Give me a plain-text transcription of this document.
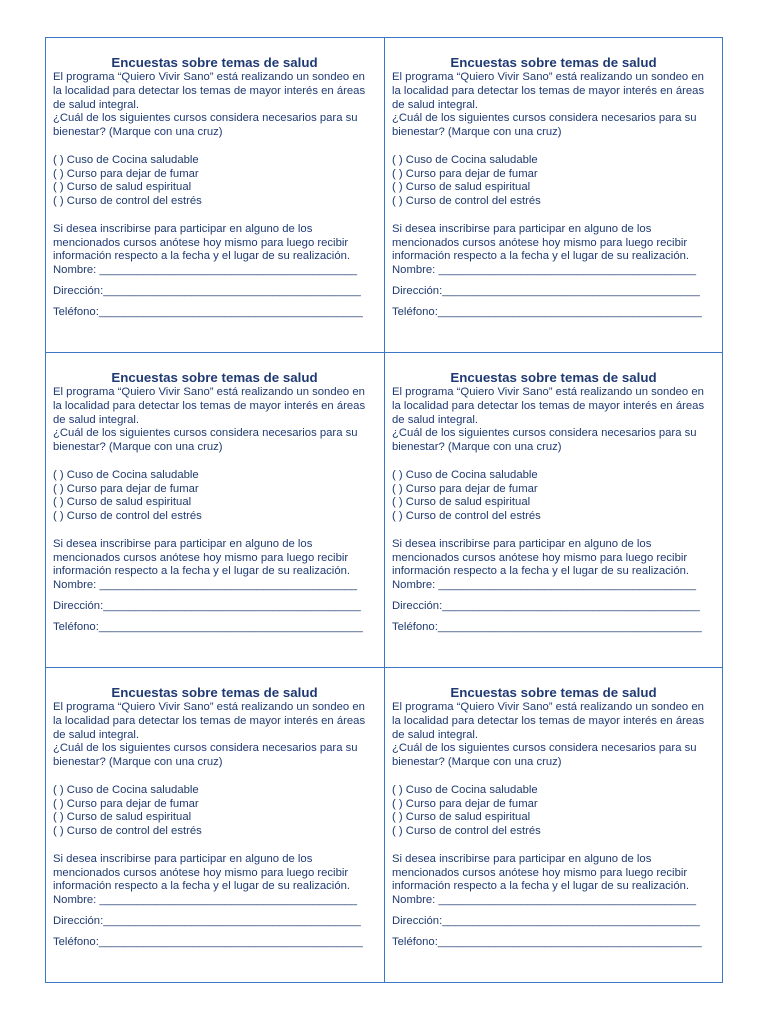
Encuestas sobre temas de salud

El programa “Quiero Vivir Sano” está realizando un sondeo en la localidad para detectar los temas de mayor interés en áreas de salud integral.

¿Cuál de los siguientes cursos considera necesarios para su bienestar? (Marque con una cruz)

( ) Cuso de Cocina saludable
( ) Curso para dejar de fumar
( ) Curso de salud espiritual
( ) Curso de control del estrés

Si desea inscribirse para participar en alguno de los mencionados cursos anótese hoy mismo para luego recibir información respecto a la fecha y el lugar de su realización.

Nombre: _________________________________________
Dirección:_________________________________________
Teléfono:__________________________________________
Encuestas sobre temas de salud

El programa “Quiero Vivir Sano” está realizando un sondeo en la localidad para detectar los temas de mayor interés en áreas de salud integral.

¿Cuál de los siguientes cursos considera necesarios para su bienestar? (Marque con una cruz)

( ) Cuso de Cocina saludable
( ) Curso para dejar de fumar
( ) Curso de salud espiritual
( ) Curso de control del estrés

Si desea inscribirse para participar en alguno de los mencionados cursos anótese hoy mismo para luego recibir información respecto a la fecha y el lugar de su realización.

Nombre: _________________________________________
Dirección:_________________________________________
Teléfono:__________________________________________
Encuestas sobre temas de salud

El programa “Quiero Vivir Sano” está realizando un sondeo en la localidad para detectar los temas de mayor interés en áreas de salud integral.

¿Cuál de los siguientes cursos considera necesarios para su bienestar? (Marque con una cruz)

( ) Cuso de Cocina saludable
( ) Curso para dejar de fumar
( ) Curso de salud espiritual
( ) Curso de control del estrés

Si desea inscribirse para participar en alguno de los mencionados cursos anótese hoy mismo para luego recibir información respecto a la fecha y el lugar de su realización.

Nombre: _________________________________________
Dirección:_________________________________________
Teléfono:__________________________________________
Encuestas sobre temas de salud

El programa “Quiero Vivir Sano” está realizando un sondeo en la localidad para detectar los temas de mayor interés en áreas de salud integral.

¿Cuál de los siguientes cursos considera necesarios para su bienestar? (Marque con una cruz)

( ) Cuso de Cocina saludable
( ) Curso para dejar de fumar
( ) Curso de salud espiritual
( ) Curso de control del estrés

Si desea inscribirse para participar en alguno de los mencionados cursos anótese hoy mismo para luego recibir información respecto a la fecha y el lugar de su realización.

Nombre: _________________________________________
Dirección:_________________________________________
Teléfono:__________________________________________
Encuestas sobre temas de salud

El programa “Quiero Vivir Sano” está realizando un sondeo en la localidad para detectar los temas de mayor interés en áreas de salud integral.

¿Cuál de los siguientes cursos considera necesarios para su bienestar? (Marque con una cruz)

( ) Cuso de Cocina saludable
( ) Curso para dejar de fumar
( ) Curso de salud espiritual
( ) Curso de control del estrés

Si desea inscribirse para participar en alguno de los mencionados cursos anótese hoy mismo para luego recibir información respecto a la fecha y el lugar de su realización.

Nombre: _________________________________________
Dirección:_________________________________________
Teléfono:__________________________________________
Encuestas sobre temas de salud

El programa “Quiero Vivir Sano” está realizando un sondeo en la localidad para detectar los temas de mayor interés en áreas de salud integral.

¿Cuál de los siguientes cursos considera necesarios para su bienestar? (Marque con una cruz)

( ) Cuso de Cocina saludable
( ) Curso para dejar de fumar
( ) Curso de salud espiritual
( ) Curso de control del estrés

Si desea inscribirse para participar en alguno de los mencionados cursos anótese hoy mismo para luego recibir información respecto a la fecha y el lugar de su realización.

Nombre: _________________________________________
Dirección:_________________________________________
Teléfono:__________________________________________
